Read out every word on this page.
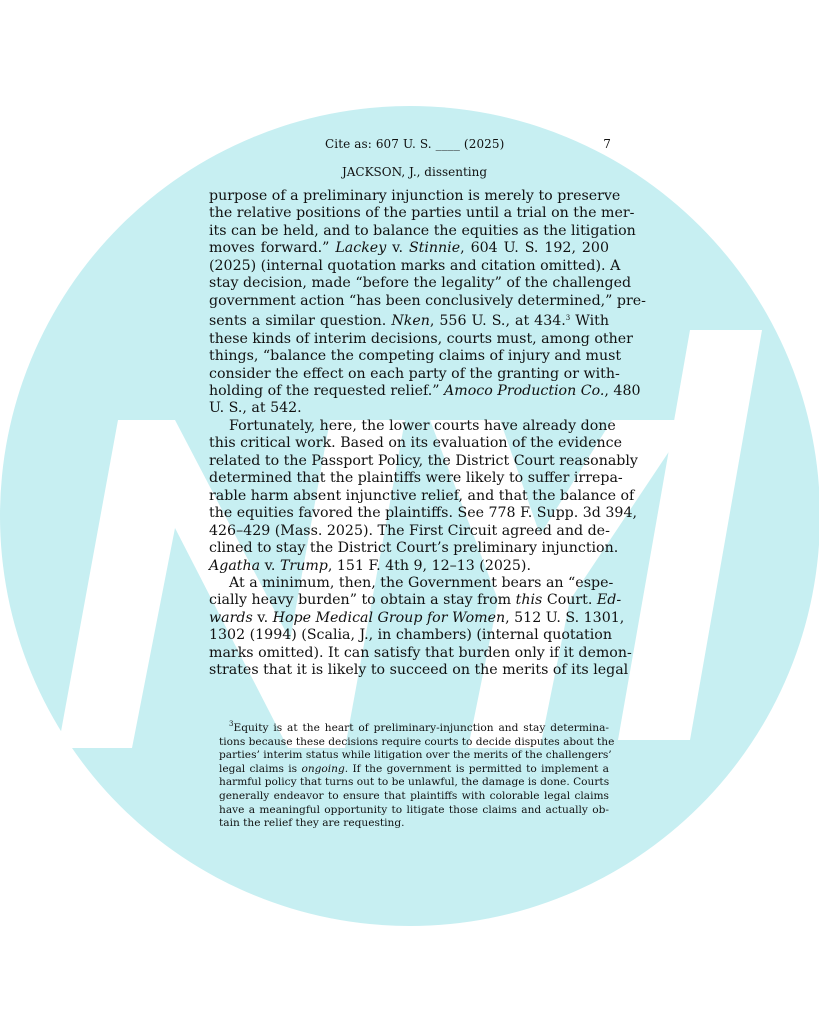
Cite as: 607 U. S. ____ (2025)	7
JACKSON, J., dissenting

purpose of a preliminary injunction is merely to preserve
the relative positions of the parties until a trial on the mer-
its can be held, and to balance the equities as the litigation
moves forward.” Lackey v. Stinnie, 604 U. S. 192, 200
(2025) (internal quotation marks and citation omitted). A
stay decision, made “before the legality” of the challenged
government action “has been conclusively determined,” pre-
sents a similar question. Nken, 556 U. S., at 434.$^3$ With
these kinds of interim decisions, courts must, among other
things, “balance the competing claims of injury and must
consider the effect on each party of the granting or with-
holding of the requested relief.” Amoco Production Co., 480
U. S., at 542.

Fortunately, here, the lower courts have already done
this critical work. Based on its evaluation of the evidence
related to the Passport Policy, the District Court reasonably
determined that the plaintiffs were likely to suffer irrepa-
rable harm absent injunctive relief, and that the balance of
the equities favored the plaintiffs. See 778 F. Supp. 3d 394,
426–429 (Mass. 2025). The First Circuit agreed and de-
clined to stay the District Court’s preliminary injunction.
Agatha v. Trump, 151 F. 4th 9, 12–13 (2025).

At a minimum, then, the Government bears an “espe-
cially heavy burden” to obtain a stay from this Court. Ed-
wards v. Hope Medical Group for Women, 512 U. S. 1301,
1302 (1994) (Scalia, J., in chambers) (internal quotation
marks omitted). It can satisfy that burden only if it demon-
strates that it is likely to succeed on the merits of its legal

$^3$Equity is at the heart of preliminary-injunction and stay determina-
tions because these decisions require courts to decide disputes about the
parties’ interim status while litigation over the merits of the challengers’
legal claims is ongoing. If the government is permitted to implement a
harmful policy that turns out to be unlawful, the damage is done. Courts
generally endeavor to ensure that plaintiffs with colorable legal claims
have a meaningful opportunity to litigate those claims and actually ob-
tain the relief they are requesting.
